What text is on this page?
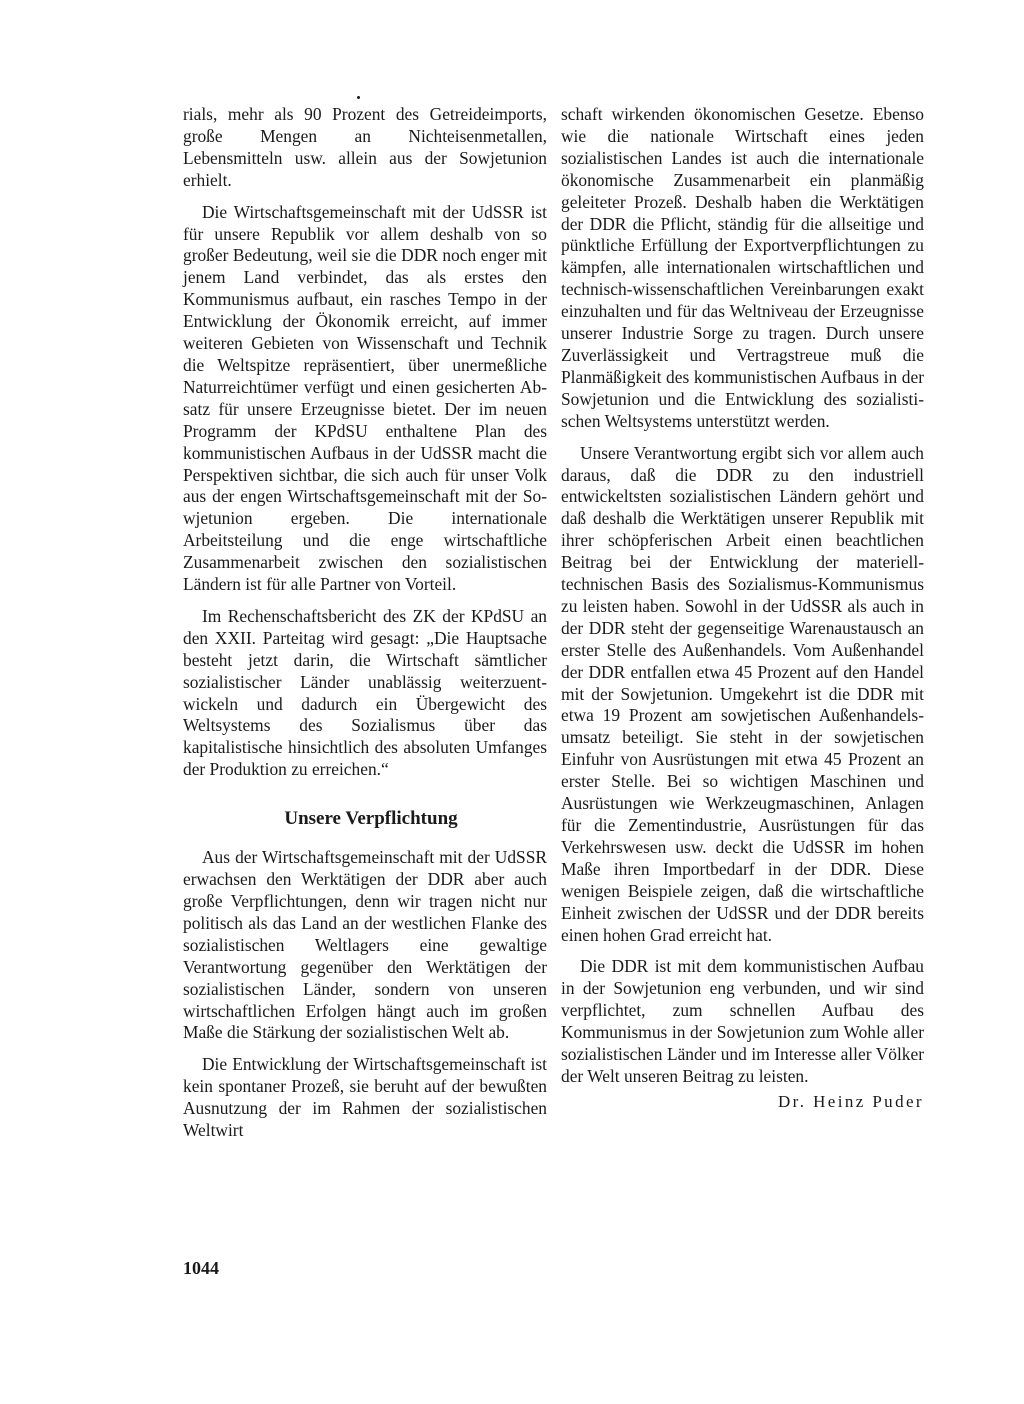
rials, mehr als 90 Prozent des Getreideimports, große Mengen an Nichteisenmetallen, Lebensmitteln usw. allein aus der Sowjetunion erhielt.

Die Wirtschaftsgemeinschaft mit der UdSSR ist für unsere Republik vor allem deshalb von so großer Bedeutung, weil sie die DDR noch enger mit jenem Land verbindet, das als erstes den Kommunismus aufbaut, ein rasches Tempo in der Entwicklung der Ökonomik erreicht, auf immer weiteren Gebieten von Wissenschaft und Technik die Weltspitze repräsentiert, über unermeßliche Naturreichtümer verfügt und einen gesicherten Absatz für unsere Erzeugnisse bietet. Der im neuen Programm der KPdSU enthaltene Plan des kommunistischen Aufbaus in der UdSSR macht die Perspektiven sichtbar, die sich auch für unser Volk aus der engen Wirtschaftsgemeinschaft mit der Sowjetunion ergeben. Die internationale Arbeitsteilung und die enge wirtschaftliche Zusammenarbeit zwischen den sozialistischen Ländern ist für alle Partner von Vorteil.

Im Rechenschaftsbericht des ZK der KPdSU an den XXII. Parteitag wird gesagt: „Die Hauptsache besteht jetzt darin, die Wirtschaft sämtlicher sozialistischer Länder unablässig weiterzuentwickeln und dadurch ein Übergewicht des Weltsystems des Sozialismus über das kapitalistische hinsichtlich des absoluten Umfanges der Produktion zu erreichen.“

Unsere Verpflichtung

Aus der Wirtschaftsgemeinschaft mit der UdSSR erwachsen den Werktätigen der DDR aber auch große Verpflichtungen, denn wir tragen nicht nur politisch als das Land an der westlichen Flanke des sozialistischen Weltlagers eine gewaltige Verantwortung gegenüber den Werktätigen der sozialistischen Länder, sondern von unseren wirtschaftlichen Erfolgen hängt auch im großen Maße die Stärkung der sozialistischen Welt ab.

Die Entwicklung der Wirtschaftsgemeinschaft ist kein spontaner Prozeß, sie beruht auf der bewußten Ausnutzung der im Rahmen der sozialistischen Weltwirt

schaft wirkenden ökonomischen Gesetze. Ebenso wie die nationale Wirtschaft eines jeden sozialistischen Landes ist auch die internationale ökonomische Zusammenarbeit ein planmäßig geleiteter Prozeß. Deshalb haben die Werktätigen der DDR die Pflicht, ständig für die allseitige und pünktliche Erfüllung der Exportverpflichtungen zu kämpfen, alle internationalen wirtschaftlichen und technisch-wissenschaftlichen Vereinbarungen exakt einzuhalten und für das Weltniveau der Erzeugnisse unserer Industrie Sorge zu tragen. Durch unsere Zuverlässigkeit und Vertragstreue muß die Planmäßigkeit des kommunistischen Aufbaus in der Sowjetunion und die Entwicklung des sozialistischen Weltsystems unterstützt werden.

Unsere Verantwortung ergibt sich vor allem auch daraus, daß die DDR zu den industriell entwickeltsten sozialistischen Ländern gehört und daß deshalb die Werktätigen unserer Republik mit ihrer schöpferischen Arbeit einen beachtlichen Beitrag bei der Entwicklung der materiell-technischen Basis des Sozialismus-Kommunismus zu leisten haben. Sowohl in der UdSSR als auch in der DDR steht der gegenseitige Warenaustausch an erster Stelle des Außenhandels. Vom Außenhandel der DDR entfallen etwa 45 Prozent auf den Handel mit der Sowjetunion. Umgekehrt ist die DDR mit etwa 19 Prozent am sowjetischen Außenhandelsumsatz beteiligt. Sie steht in der sowjetischen Einfuhr von Ausrüstungen mit etwa 45 Prozent an erster Stelle. Bei so wichtigen Maschinen und Ausrüstungen wie Werkzeugmaschinen, Anlagen für die Zementindustrie, Ausrüstungen für das Verkehrswesen usw. deckt die UdSSR im hohen Maße ihren Importbedarf in der DDR. Diese wenigen Beispiele zeigen, daß die wirtschaftliche Einheit zwischen der UdSSR und der DDR bereits einen hohen Grad erreicht hat.

Die DDR ist mit dem kommunistischen Aufbau in der Sowjetunion eng verbunden, und wir sind verpflichtet, zum schnellen Aufbau des Kommunismus in der Sowjetunion zum Wohle aller sozialistischen Länder und im Interesse aller Völker der Welt unseren Beitrag zu leisten.

Dr. Heinz Puder
1044
